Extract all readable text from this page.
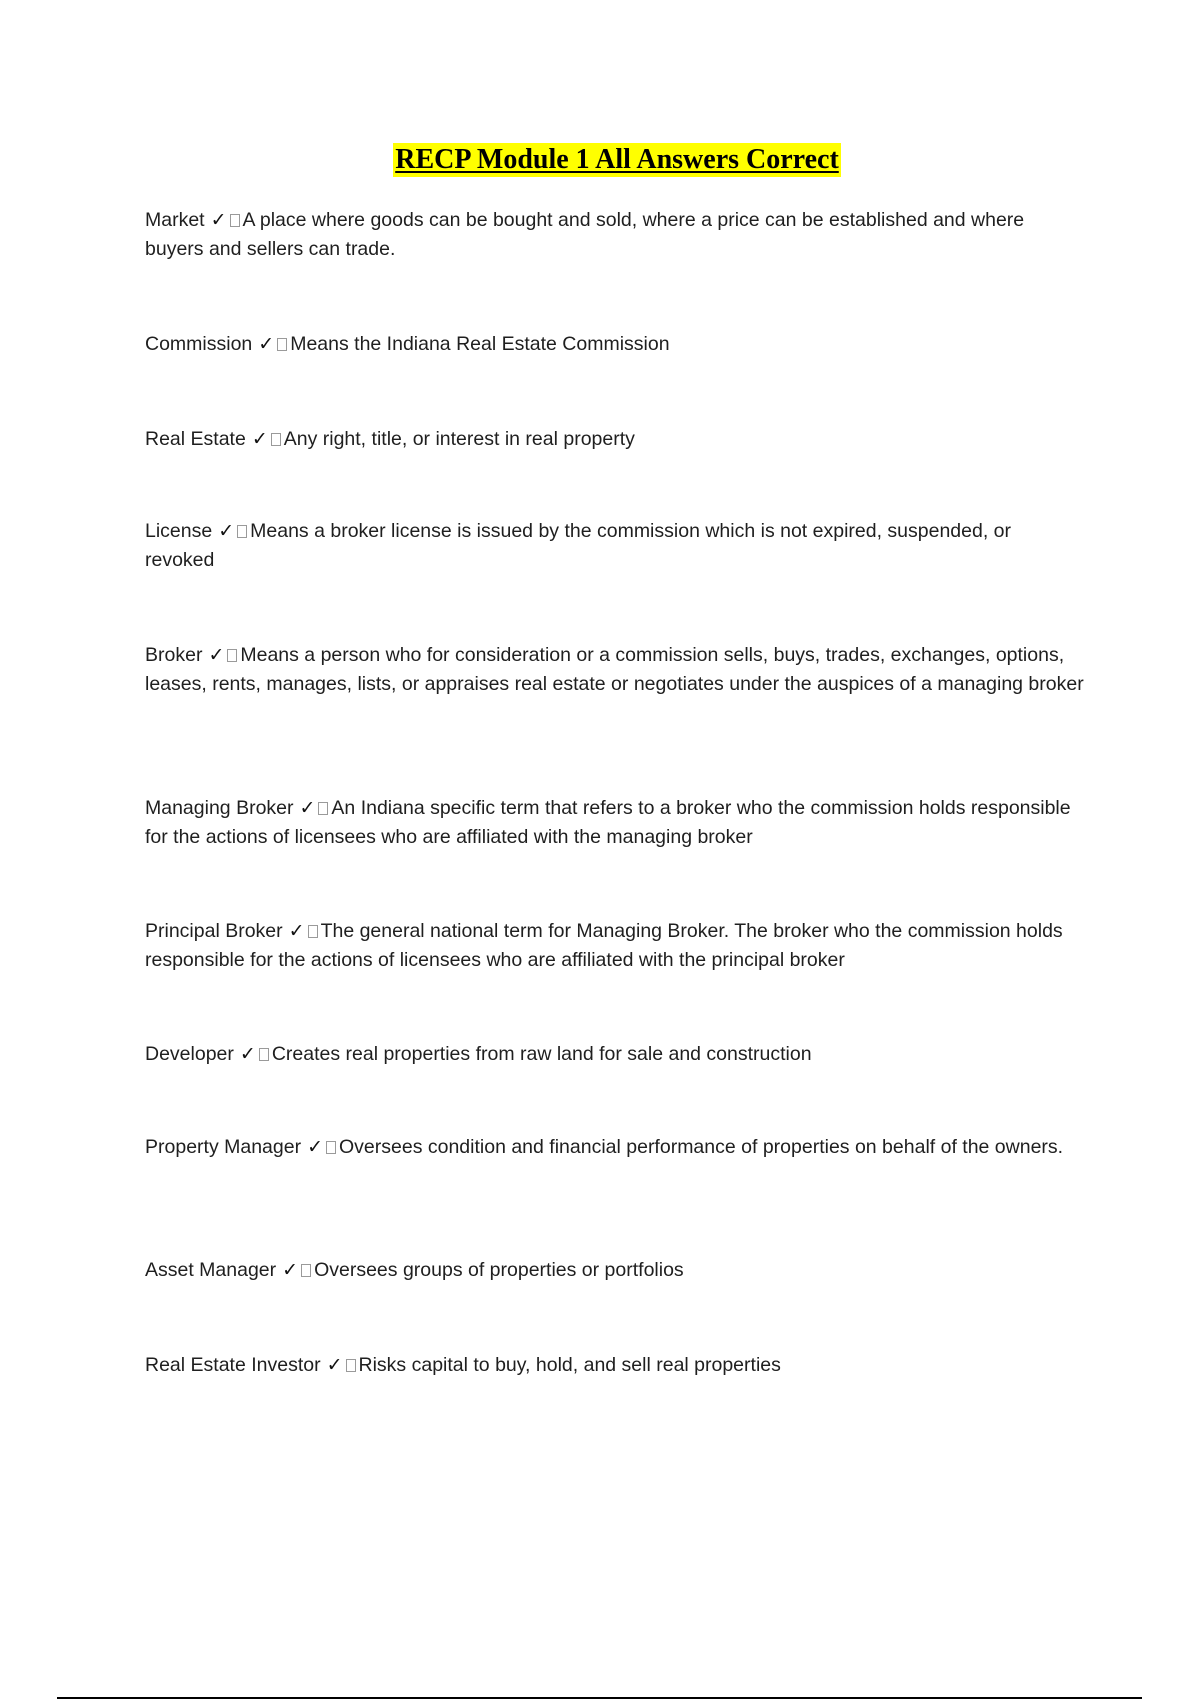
RECP Module 1 All Answers Correct
Market ✓ A place where goods can be bought and sold, where a price can be established and where buyers and sellers can trade.
Commission ✓ Means the Indiana Real Estate Commission
Real Estate ✓ Any right, title, or interest in real property
License ✓ Means a broker license is issued by the commission which is not expired, suspended, or revoked
Broker ✓ Means a person who for consideration or a commission sells, buys, trades, exchanges, options, leases, rents, manages, lists, or appraises real estate or negotiates under the auspices of a managing broker
Managing Broker ✓ An Indiana specific term that refers to a broker who the commission holds responsible for the actions of licensees who are affiliated with the managing broker
Principal Broker ✓ The general national term for Managing Broker. The broker who the commission holds responsible for the actions of licensees who are affiliated with the principal broker
Developer ✓ Creates real properties from raw land for sale and construction
Property Manager ✓ Oversees condition and financial performance of properties on behalf of the owners.
Asset Manager ✓ Oversees groups of properties or portfolios
Real Estate Investor ✓ Risks capital to buy, hold, and sell real properties
